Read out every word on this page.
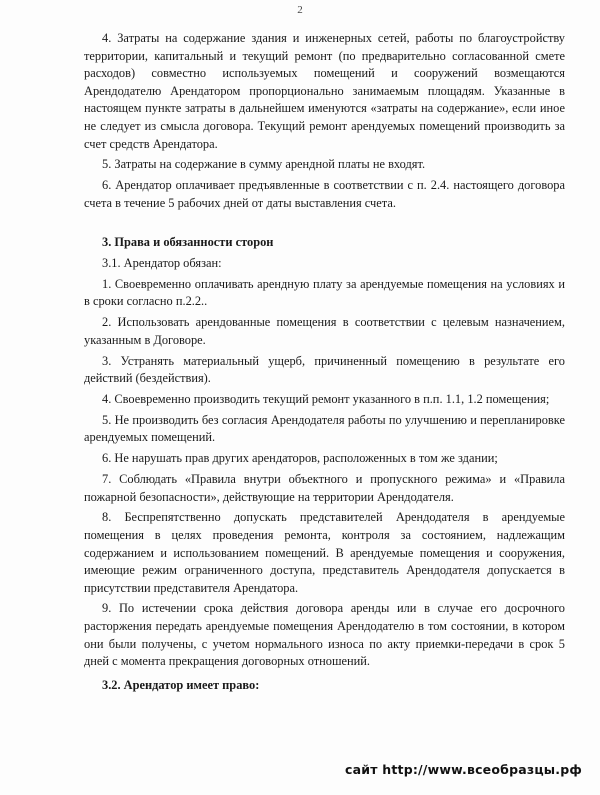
2

4. Затраты на содержание здания и инженерных сетей, работы по благоустройству территории, капитальный и текущий ремонт (по предварительно согласованной смете расходов) совместно используемых помещений и сооружений возмещаются Арендодателю Арендатором пропорционально занимаемым площадям. Указанные в настоящем пункте затраты в дальнейшем именуются «затраты на содержание», если иное не следует из смысла договора. Текущий ремонт арендуемых помещений производить за счет средств Арендатора.

5. Затраты на содержание в сумму арендной платы не входят.

6. Арендатор оплачивает предъявленные в соответствии с п. 2.4. настоящего договора счета в течение 5 рабочих дней от даты выставления счета.

3. Права и обязанности сторон

3.1. Арендатор обязан:

1. Своевременно оплачивать арендную плату за арендуемые помещения на условиях и в сроки согласно п.2.2..

2. Использовать арендованные помещения в соответствии с целевым назначением, указанным в Договоре.

3. Устранять материальный ущерб, причиненный помещению в результате его действий (бездействия).

4. Своевременно производить текущий ремонт указанного в п.п. 1.1, 1.2 помещения;

5. Не производить без согласия Арендодателя работы по улучшению и перепланировке арендуемых помещений.

6. Не нарушать прав других арендаторов, расположенных в том же здании;

7. Соблюдать «Правила внутри объектного и пропускного режима» и «Правила пожарной безопасности», действующие на территории Арендодателя.

8. Беспрепятственно допускать представителей Арендодателя в арендуемые помещения в целях проведения ремонта, контроля за состоянием, надлежащим содержанием и использованием помещений. В арендуемые помещения и сооружения, имеющие режим ограниченного доступа, представитель Арендодателя допускается в присутствии представителя Арендатора.

9. По истечении срока действия договора аренды или в случае его досрочного расторжения передать арендуемые помещения Арендодателю в том состоянии, в котором они были получены, с учетом нормального износа по акту приемки-передачи в срок 5 дней с момента прекращения договорных отношений.

3.2. Арендатор имеет право:

сайт http://www.всеобразцы.рф
